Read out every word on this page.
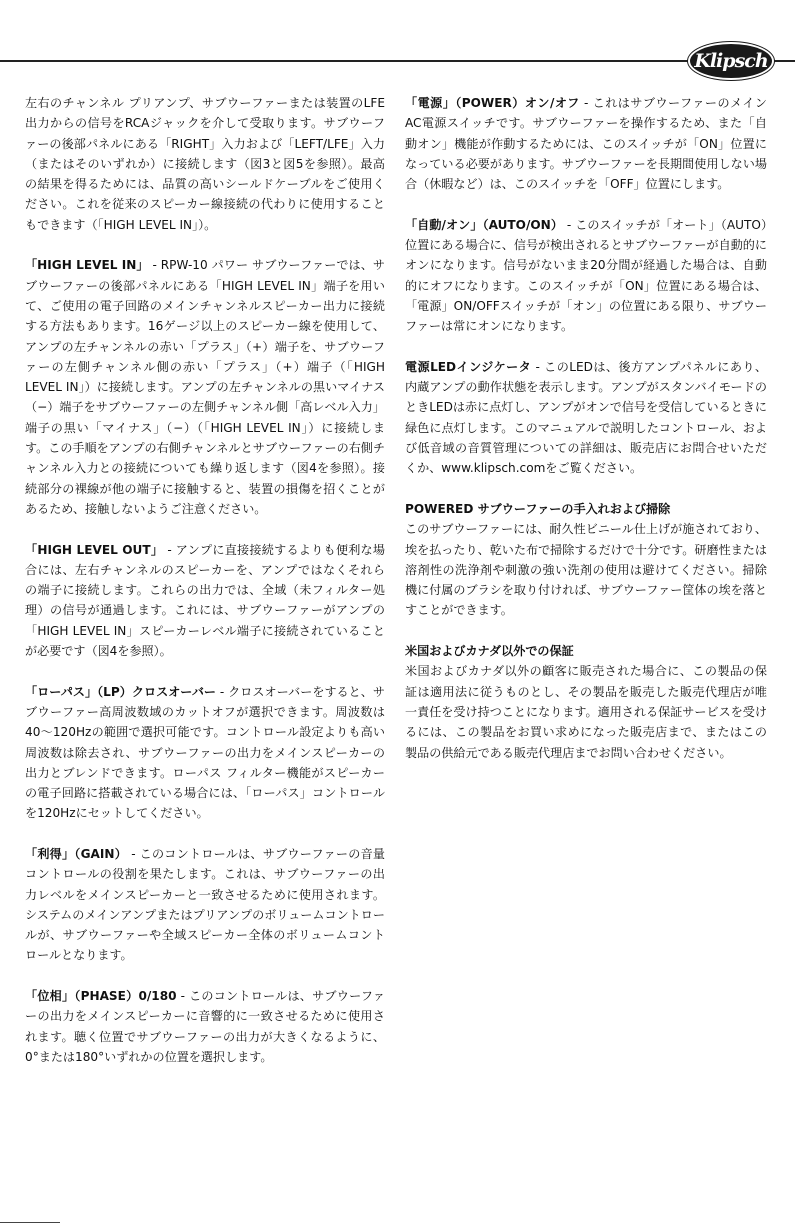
Klipsch

左右のチャンネル プリアンプ、サブウーファーまたは装置のLFE出力からの信号をRCAジャックを介して受取ります。サブウーファーの後部パネルにある「RIGHT」入力および「LEFT/LFE」入力（またはそのいずれか）に接続します（図3と図5を参照）。最高の結果を得るためには、品質の高いシールドケーブルをご使用ください。これを従来のスピーカー線接続の代わりに使用することもできます（「HIGH LEVEL IN」）。

「HIGH LEVEL IN」 - RPW-10 パワー サブウーファーでは、サブウーファーの後部パネルにある「HIGH LEVEL IN」端子を用いて、ご使用の電子回路のメインチャンネルスピーカー出力に接続する方法もあります。16ゲージ以上のスピーカー線を使用して、アンプの左チャンネルの赤い「プラス」（+）端子を、サブウーファーの左側チャンネル側の赤い「プラス」（+）端子（「HIGH LEVEL IN」）に接続します。アンプの左チャンネルの黒いマイナス（−）端子をサブウーファーの左側チャンネル側「高レベル入力」端子の黒い「マイナス」（−）（「HIGH LEVEL IN」）に接続します。この手順をアンプの右側チャンネルとサブウーファーの右側チャンネル入力との接続についても繰り返します（図4を参照）。接続部分の裸線が他の端子に接触すると、装置の損傷を招くことがあるため、接触しないようご注意ください。

「HIGH LEVEL OUT」 - アンプに直接接続するよりも便利な場合には、左右チャンネルのスピーカーを、アンプではなくそれらの端子に接続します。これらの出力では、全域（未フィルター処理）の信号が通過します。これには、サブウーファーがアンプの「HIGH LEVEL IN」スピーカーレベル端子に接続されていることが必要です（図4を参照）。

「ローパス」（LP）クロスオーバー - クロスオーバーをすると、サブウーファー高周波数域のカットオフが選択できます。周波数は40〜120Hzの範囲で選択可能です。コントロール設定よりも高い周波数は除去され、サブウーファーの出力をメインスピーカーの出力とブレンドできます。ローパス フィルター機能がスピーカーの電子回路に搭載されている場合には、「ローパス」コントロールを120Hzにセットしてください。

「利得」（GAIN） - このコントロールは、サブウーファーの音量コントロールの役割を果たします。これは、サブウーファーの出力レベルをメインスピーカーと一致させるために使用されます。システムのメインアンプまたはプリアンプのボリュームコントロールが、サブウーファーや全域スピーカー全体のボリュームコントロールとなります。

「位相」（PHASE）0/180 - このコントロールは、サブウーファーの出力をメインスピーカーに音響的に一致させるために使用されます。聴く位置でサブウーファーの出力が大きくなるように、0°または180°いずれかの位置を選択します。

「電源」（POWER）オン/オフ - これはサブウーファーのメインAC電源スイッチです。サブウーファーを操作するため、また「自動オン」機能が作動するためには、このスイッチが「ON」位置になっている必要があります。サブウーファーを長期間使用しない場合（休暇など）は、このスイッチを「OFF」位置にします。

「自動/オン」（AUTO/ON） - このスイッチが「オート」（AUTO）位置にある場合に、信号が検出されるとサブウーファーが自動的にオンになります。信号がないまま20分間が経過した場合は、自動的にオフになります。このスイッチが「ON」位置にある場合は、「電源」ON/OFFスイッチが「オン」の位置にある限り、サブウーファーは常にオンになります。

電源LEDインジケータ - このLEDは、後方アンプパネルにあり、内蔵アンプの動作状態を表示します。アンプがスタンバイモードのときLEDは赤に点灯し、アンプがオンで信号を受信しているときに緑色に点灯します。このマニュアルで説明したコントロール、および低音域の音質管理についての詳細は、販売店にお問合せいただくか、www.klipsch.comをご覧ください。

POWERED サブウーファーの手入れおよび掃除
このサブウーファーには、耐久性ビニール仕上げが施されており、埃を払ったり、乾いた布で掃除するだけで十分です。研磨性または溶剤性の洗浄剤や刺激の強い洗剤の使用は避けてください。掃除機に付属のブラシを取り付ければ、サブウーファー筐体の埃を落とすことができます。

米国およびカナダ以外での保証
米国およびカナダ以外の顧客に販売された場合に、この製品の保証は適用法に従うものとし、その製品を販売した販売代理店が唯一責任を受け持つことになります。適用される保証サービスを受けるには、この製品をお買い求めになった販売店まで、またはこの製品の供給元である販売代理店までお問い合わせください。
